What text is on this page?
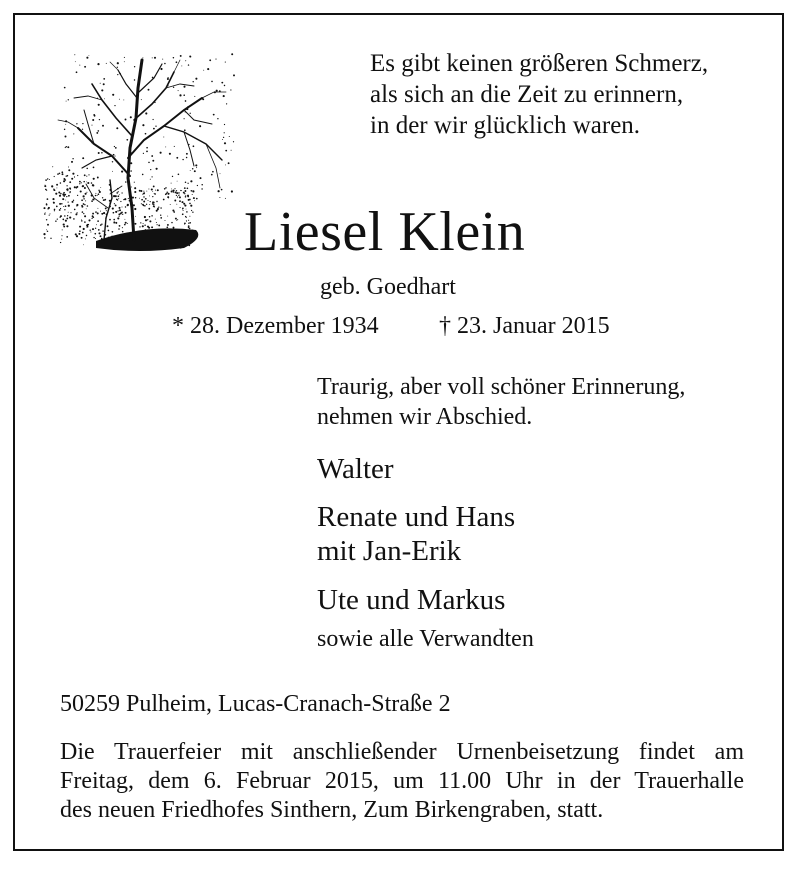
Es gibt keinen größeren Schmerz,
als sich an die Zeit zu erinnern,
in der wir glücklich waren.
Liesel Klein
geb. Goedhart
* 28. Dezember 1934	† 23. Januar 2015
Traurig, aber voll schöner Erinnerung,
nehmen wir Abschied.
Walter
Renate und Hans
mit Jan-Erik
Ute und Markus
sowie alle Verwandten
50259 Pulheim, Lucas-Cranach-Straße 2
Die Trauerfeier mit anschließender Urnenbeisetzung findet am
Freitag, dem 6. Februar 2015, um 11.00 Uhr in der Trauerhalle
des neuen Friedhofes Sinthern, Zum Birkengraben, statt.
